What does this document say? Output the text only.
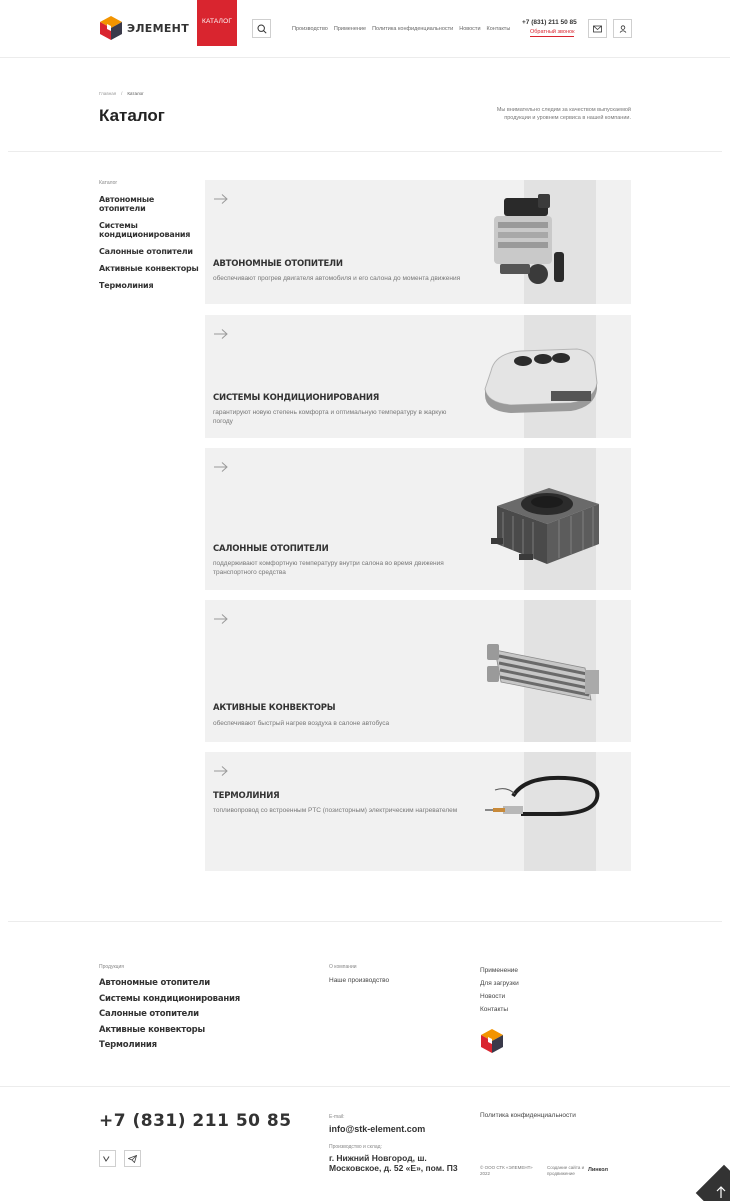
ЭЛЕМЕНТ	КАТАЛОГ
Производство Применение Политика конфиденциальности Новости Контакты
+7 (831) 211 50 85
Обратный звонок
Главная / Каталог
Каталог	Мы внимательно следим за качеством выпускаемой продукции и уровнем сервиса в нашей компании.
Каталог
Автономные отопители
Системы кондиционирования
Салонные отопители
Активные конвекторы
Термолиния
АВТОНОМНЫЕ ОТОПИТЕЛИ
обеспечивают прогрев двигателя автомобиля и его салона до момента движения
СИСТЕМЫ КОНДИЦИОНИРОВАНИЯ
гарантируют новую степень комфорта и оптимальную температуру в жаркую погоду
САЛОННЫЕ ОТОПИТЕЛИ
поддерживают комфортную температуру внутри салона во время движения транспортного средства
АКТИВНЫЕ КОНВЕКТОРЫ
обеспечивают быстрый нагрев воздуха в салоне автобуса
ТЕРМОЛИНИЯ
топливопровод со встроенным PTC (позисторным) электрическим нагревателем
Продукция
Автономные отопители
Системы кондиционирования
Салонные отопители
Активные конвекторы
Термолиния
О компании
Наше производство
Применение
Для загрузки
Новости
Контакты
+7 (831) 211 50 85	E-mail:
info@stk-element.com
Производство и склад:
г. Нижний Новгород, ш. Московское, д. 52 «Е», пом. П3
Политика конфиденциальности
© ООО СТК «ЭЛЕМЕНТ» 2022
Создание сайта и продвижение
Линкол
